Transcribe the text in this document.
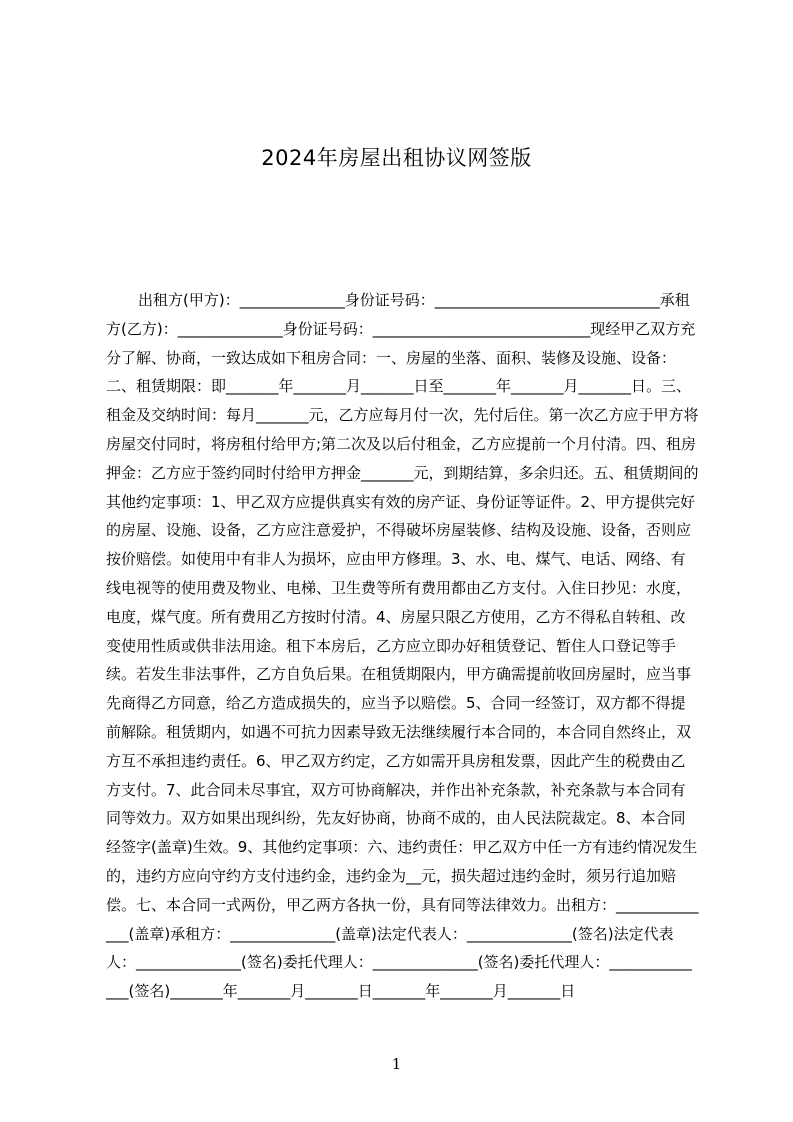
2024年房屋出租协议网签版
出租方(甲方)：______________身份证号码：______________________________承租方(乙方)：______________身份证号码：_____________________________现经甲乙双方充分了解、协商，一致达成如下租房合同：一、房屋的坐落、面积、装修及设施、设备：二、租赁期限：即_______年_______月_______日至_______年_______月_______日。三、租金及交纳时间：每月_______元，乙方应每月付一次，先付后住。第一次乙方应于甲方将房屋交付同时，将房租付给甲方;第二次及以后付租金，乙方应提前一个月付清。四、租房押金：乙方应于签约同时付给甲方押金_______元，到期结算，多余归还。五、租赁期间的其他约定事项：1、甲乙双方应提供真实有效的房产证、身份证等证件。2、甲方提供完好的房屋、设施、设备，乙方应注意爱护，不得破坏房屋装修、结构及设施、设备，否则应按价赔偿。如使用中有非人为损坏，应由甲方修理。3、水、电、煤气、电话、网络、有线电视等的使用费及物业、电梯、卫生费等所有费用都由乙方支付。入住日抄见：水度，电度，煤气度。所有费用乙方按时付清。4、房屋只限乙方使用，乙方不得私自转租、改变使用性质或供非法用途。租下本房后，乙方应立即办好租赁登记、暂住人口登记等手续。若发生非法事件，乙方自负后果。在租赁期限内，甲方确需提前收回房屋时，应当事先商得乙方同意，给乙方造成损失的，应当予以赔偿。5、合同一经签订，双方都不得提前解除。租赁期内，如遇不可抗力因素导致无法继续履行本合同的，本合同自然终止，双方互不承担违约责任。6、甲乙双方约定，乙方如需开具房租发票，因此产生的税费由乙方支付。7、此合同未尽事宜，双方可协商解决，并作出补充条款，补充条款与本合同有同等效力。双方如果出现纠纷，先友好协商，协商不成的，由人民法院裁定。8、本合同经签字(盖章)生效。9、其他约定事项：六、违约责任：甲乙双方中任一方有违约情况发生的，违约方应向守约方支付违约金，违约金为__元，损失超过违约金时，须另行追加赔偿。七、本合同一式两份，甲乙两方各执一份，具有同等法律效力。出租方：______________(盖章)承租方：______________(盖章)法定代表人：______________(签名)法定代表人：______________(签名)委托代理人：______________(签名)委托代理人：______________(签名)_______年_______月_______日_______年_______月_______日
1
